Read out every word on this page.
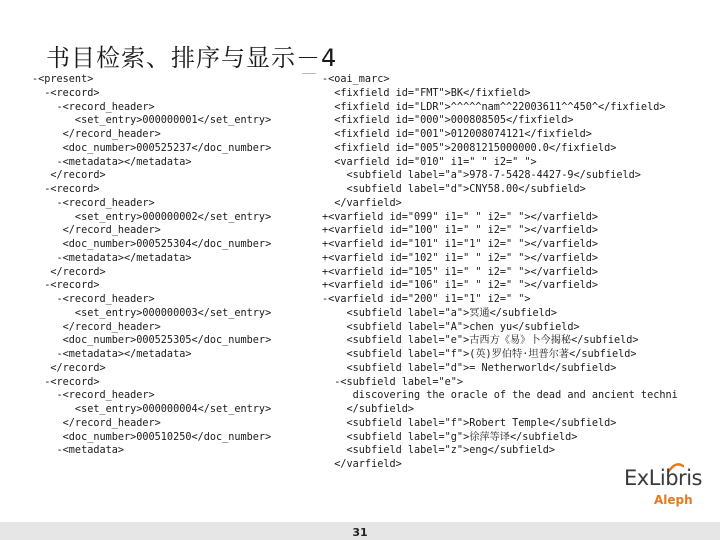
书目检索、排序与显示－4
-<present>
-<record>
-<record_header>
<set_entry>000000001</set_entry>
</record_header>
<doc_number>000525237</doc_number>
-<metadata></metadata>
</record>
-<record>
-<record_header>
<set_entry>000000002</set_entry>
</record_header>
<doc_number>000525304</doc_number>
-<metadata></metadata>
</record>
-<record>
-<record_header>
<set_entry>000000003</set_entry>
</record_header>
<doc_number>000525305</doc_number>
-<metadata></metadata>
</record>
-<record>
-<record_header>
<set_entry>000000004</set_entry>
</record_header>
<doc_number>000510250</doc_number>
-<metadata>
-<oai_marc>
<fixfield id="FMT">BK</fixfield>
<fixfield id="LDR">^^^^^nam^^22003611^^450^</fixfield>
<fixfield id="000">000808505</fixfield>
<fixfield id="001">012008074121</fixfield>
<fixfield id="005">20081215000000.0</fixfield>
<varfield id="010" i1=" " i2=" ">
<subfield label="a">978-7-5428-4427-9</subfield>
<subfield label="d">CNY58.00</subfield>
</varfield>
+<varfield id="099" i1=" " i2=" "></varfield>
+<varfield id="100" i1=" " i2=" "></varfield>
+<varfield id="101" i1="1" i2=" "></varfield>
+<varfield id="102" i1=" " i2=" "></varfield>
+<varfield id="105" i1=" " i2=" "></varfield>
+<varfield id="106" i1=" " i2=" "></varfield>
-<varfield id="200" i1="1" i2=" ">
<subfield label="a">冥通</subfield>
<subfield label="A">chen yu</subfield>
<subfield label="e">古西方《易》卜今揭秘</subfield>
<subfield label="f">(英)罗伯特·坦普尔著</subfield>
<subfield label="d">= Netherworld</subfield>
-<subfield label="e">
discovering the oracle of the dead and ancient techni
</subfield>
<subfield label="f">Robert Temple</subfield>
<subfield label="g">徐萍等译</subfield>
<subfield label="z">eng</subfield>
</varfield>
ExLibris
Aleph
31
